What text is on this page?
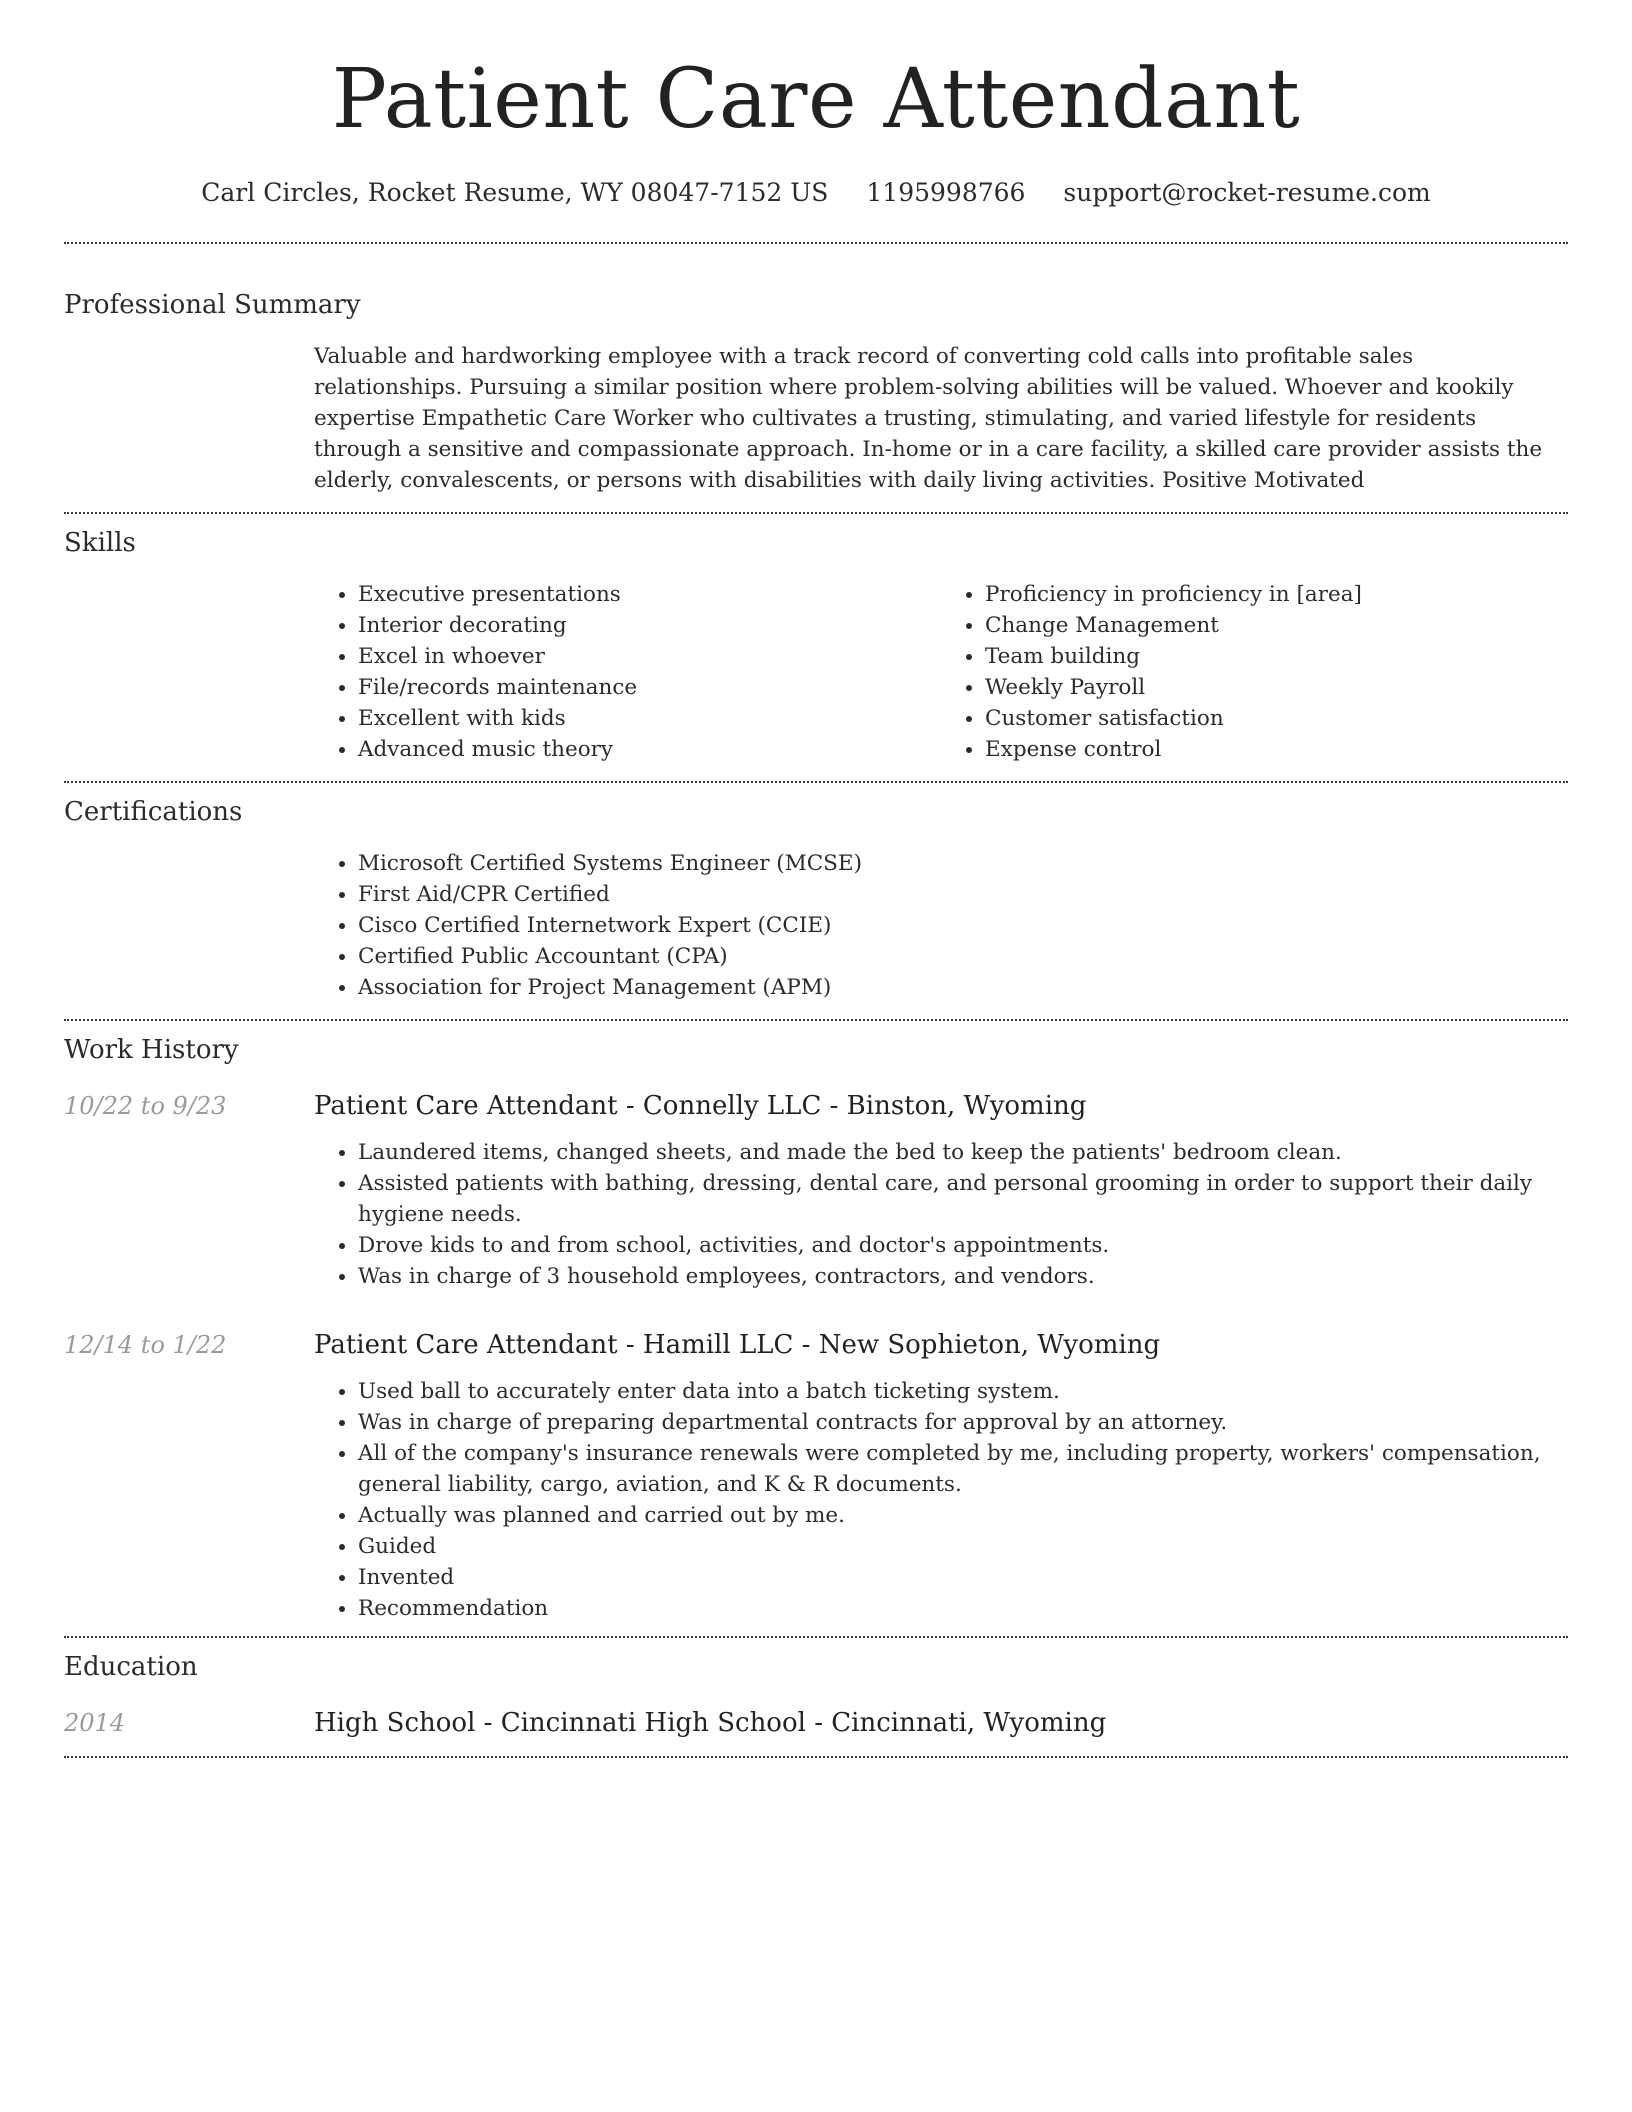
Patient Care Attendant
Carl Circles, Rocket Resume, WY 08047-7152 US 1195998766 support@rocket-resume.com
Professional Summary

Valuable and hardworking employee with a track record of converting cold calls into profitable sales relationships. Pursuing a similar position where problem-solving abilities will be valued. Whoever and kookily expertise Empathetic Care Worker who cultivates a trusting, stimulating, and varied lifestyle for residents through a sensitive and compassionate approach. In-home or in a care facility, a skilled care provider assists the elderly, convalescents, or persons with disabilities with daily living activities. Positive Motivated

Skills
• Executive presentations
• Interior decorating
• Excel in whoever
• File/records maintenance
• Excellent with kids
• Advanced music theory
• Proficiency in proficiency in [area]
• Change Management
• Team building
• Weekly Payroll
• Customer satisfaction
• Expense control
Certifications
• Microsoft Certified Systems Engineer (MCSE)
• First Aid/CPR Certified
• Cisco Certified Internetwork Expert (CCIE)
• Certified Public Accountant (CPA)
• Association for Project Management (APM)
Work History
10/22 to 9/23	Patient Care Attendant - Connelly LLC - Binston, Wyoming
• Laundered items, changed sheets, and made the bed to keep the patients' bedroom clean.
• Assisted patients with bathing, dressing, dental care, and personal grooming in order to support their daily hygiene needs.
• Drove kids to and from school, activities, and doctor's appointments.
• Was in charge of 3 household employees, contractors, and vendors.
12/14 to 1/22	Patient Care Attendant - Hamill LLC - New Sophieton, Wyoming
• Used ball to accurately enter data into a batch ticketing system.
• Was in charge of preparing departmental contracts for approval by an attorney.
• All of the company's insurance renewals were completed by me, including property, workers' compensation, general liability, cargo, aviation, and K & R documents.
• Actually was planned and carried out by me.
• Guided
• Invented
• Recommendation
Education
2014	High School - Cincinnati High School - Cincinnati, Wyoming
